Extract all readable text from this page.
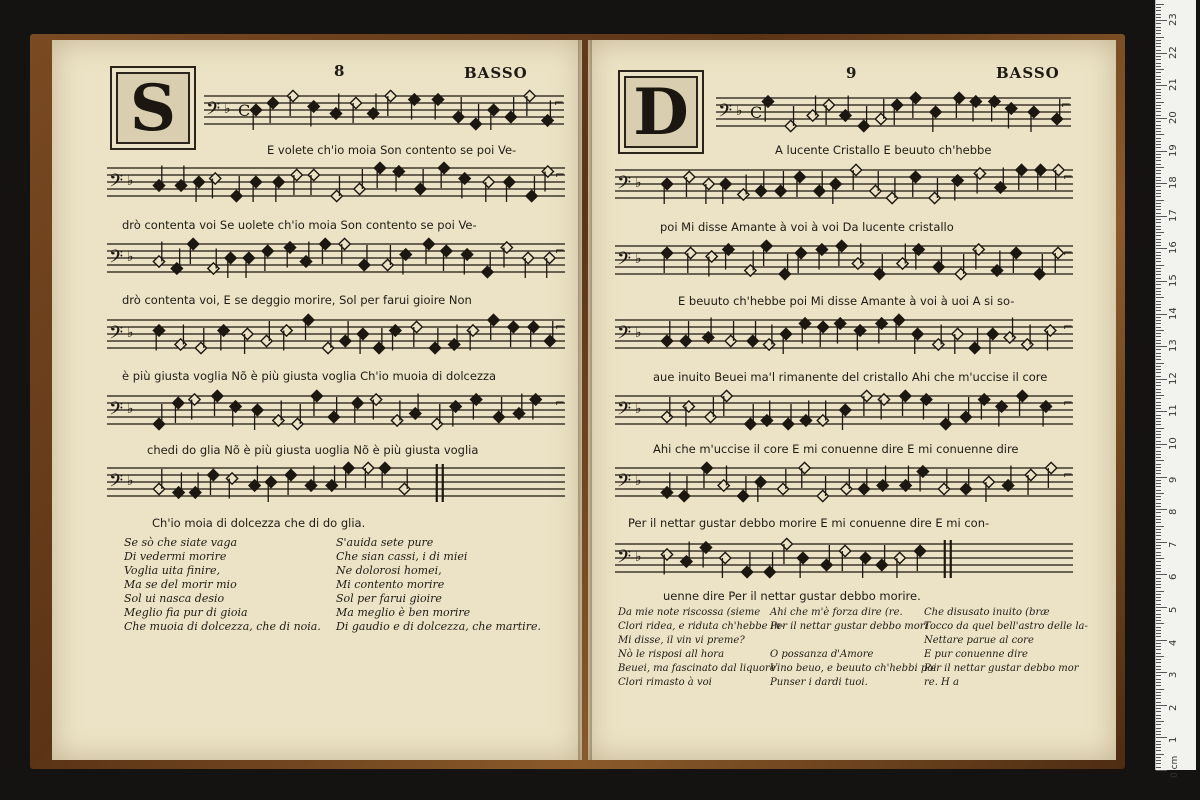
S	8	BASSO
𝄢 ♭ C	⌐
E volete ch'io moia Son contento se poi Ve-
𝄢 ♭	⌐
drò contenta voi Se uolete ch'io moia Son contento se poi Ve-
𝄢 ♭	⌐
drò contenta voi, E se deggio morire, Sol per farui gioire Non
𝄢 ♭	⌐
è più giusta voglia Nõ è più giusta voglia Ch'io muoia di dolcezza
𝄢 ♭	⌐
chedi do glia Nõ è più giusta uoglia Nõ è più giusta voglia
𝄢 ♭
Ch'io moia di dolcezza che di do glia.
Se sò che siate vaga
Di vedermi morire
Voglia uita finire,
Ma se del morir mio
Sol ui nasca desio
Meglio fia pur di gioia
Che muoia di dolcezza, che di noia.
S'auida sete pure
Che sian cassi, i di miei
Ne dolorosi homei,
Mi contento morire
Sol per farui gioire
Ma meglio è ben morire
Di gaudio e di dolcezza, che martire.
D
9	BASSO
𝄢 ♭ C	⌐
A lucente Cristallo E beuuto ch'hebbe
𝄢 ♭	⌐
poi Mi disse Amante à voi à voi Da lucente cristallo
𝄢 ♭	⌐
E beuuto ch'hebbe poi Mi disse Amante à voi à uoi A si so-
𝄢 ♭	⌐
aue inuito Beuei ma'l rimanente del cristallo Ahi che m'uccise il core
𝄢 ♭	⌐
Ahi che m'uccise il core E mi conuenne dire E mi conuenne dire
𝄢 ♭	⌐
Per il nettar gustar debbo morire E mi conuenne dire E mi con-
𝄢 ♭
uenne dire Per il nettar gustar debbo morire.
Da mie note riscossa (sieme
Clori ridea, e riduta ch'hebbe in-
Mi disse, il vin vi preme?
Nò le risposi all hora
Beuei, ma fascinato dal liquore
Clori rimasto à voi
Ahi che m'è forza dire (re.
Per il nettar gustar debbo mori
O possanza d'Amore
Vino beuo, e beuuto ch'hebbi poi
Punser i dardi tuoi.
Che disusato inuito (bræ
Tocco da quel bell'astro delle la-
Nettare parue al core
E pur conuenne dire
Per il nettar gustar debbo mor
re. H a
0 cm
1
2
3
4
5
6
7
8
9
10
11
12
13
14
15
16
17
18
19
20
21
22
23
